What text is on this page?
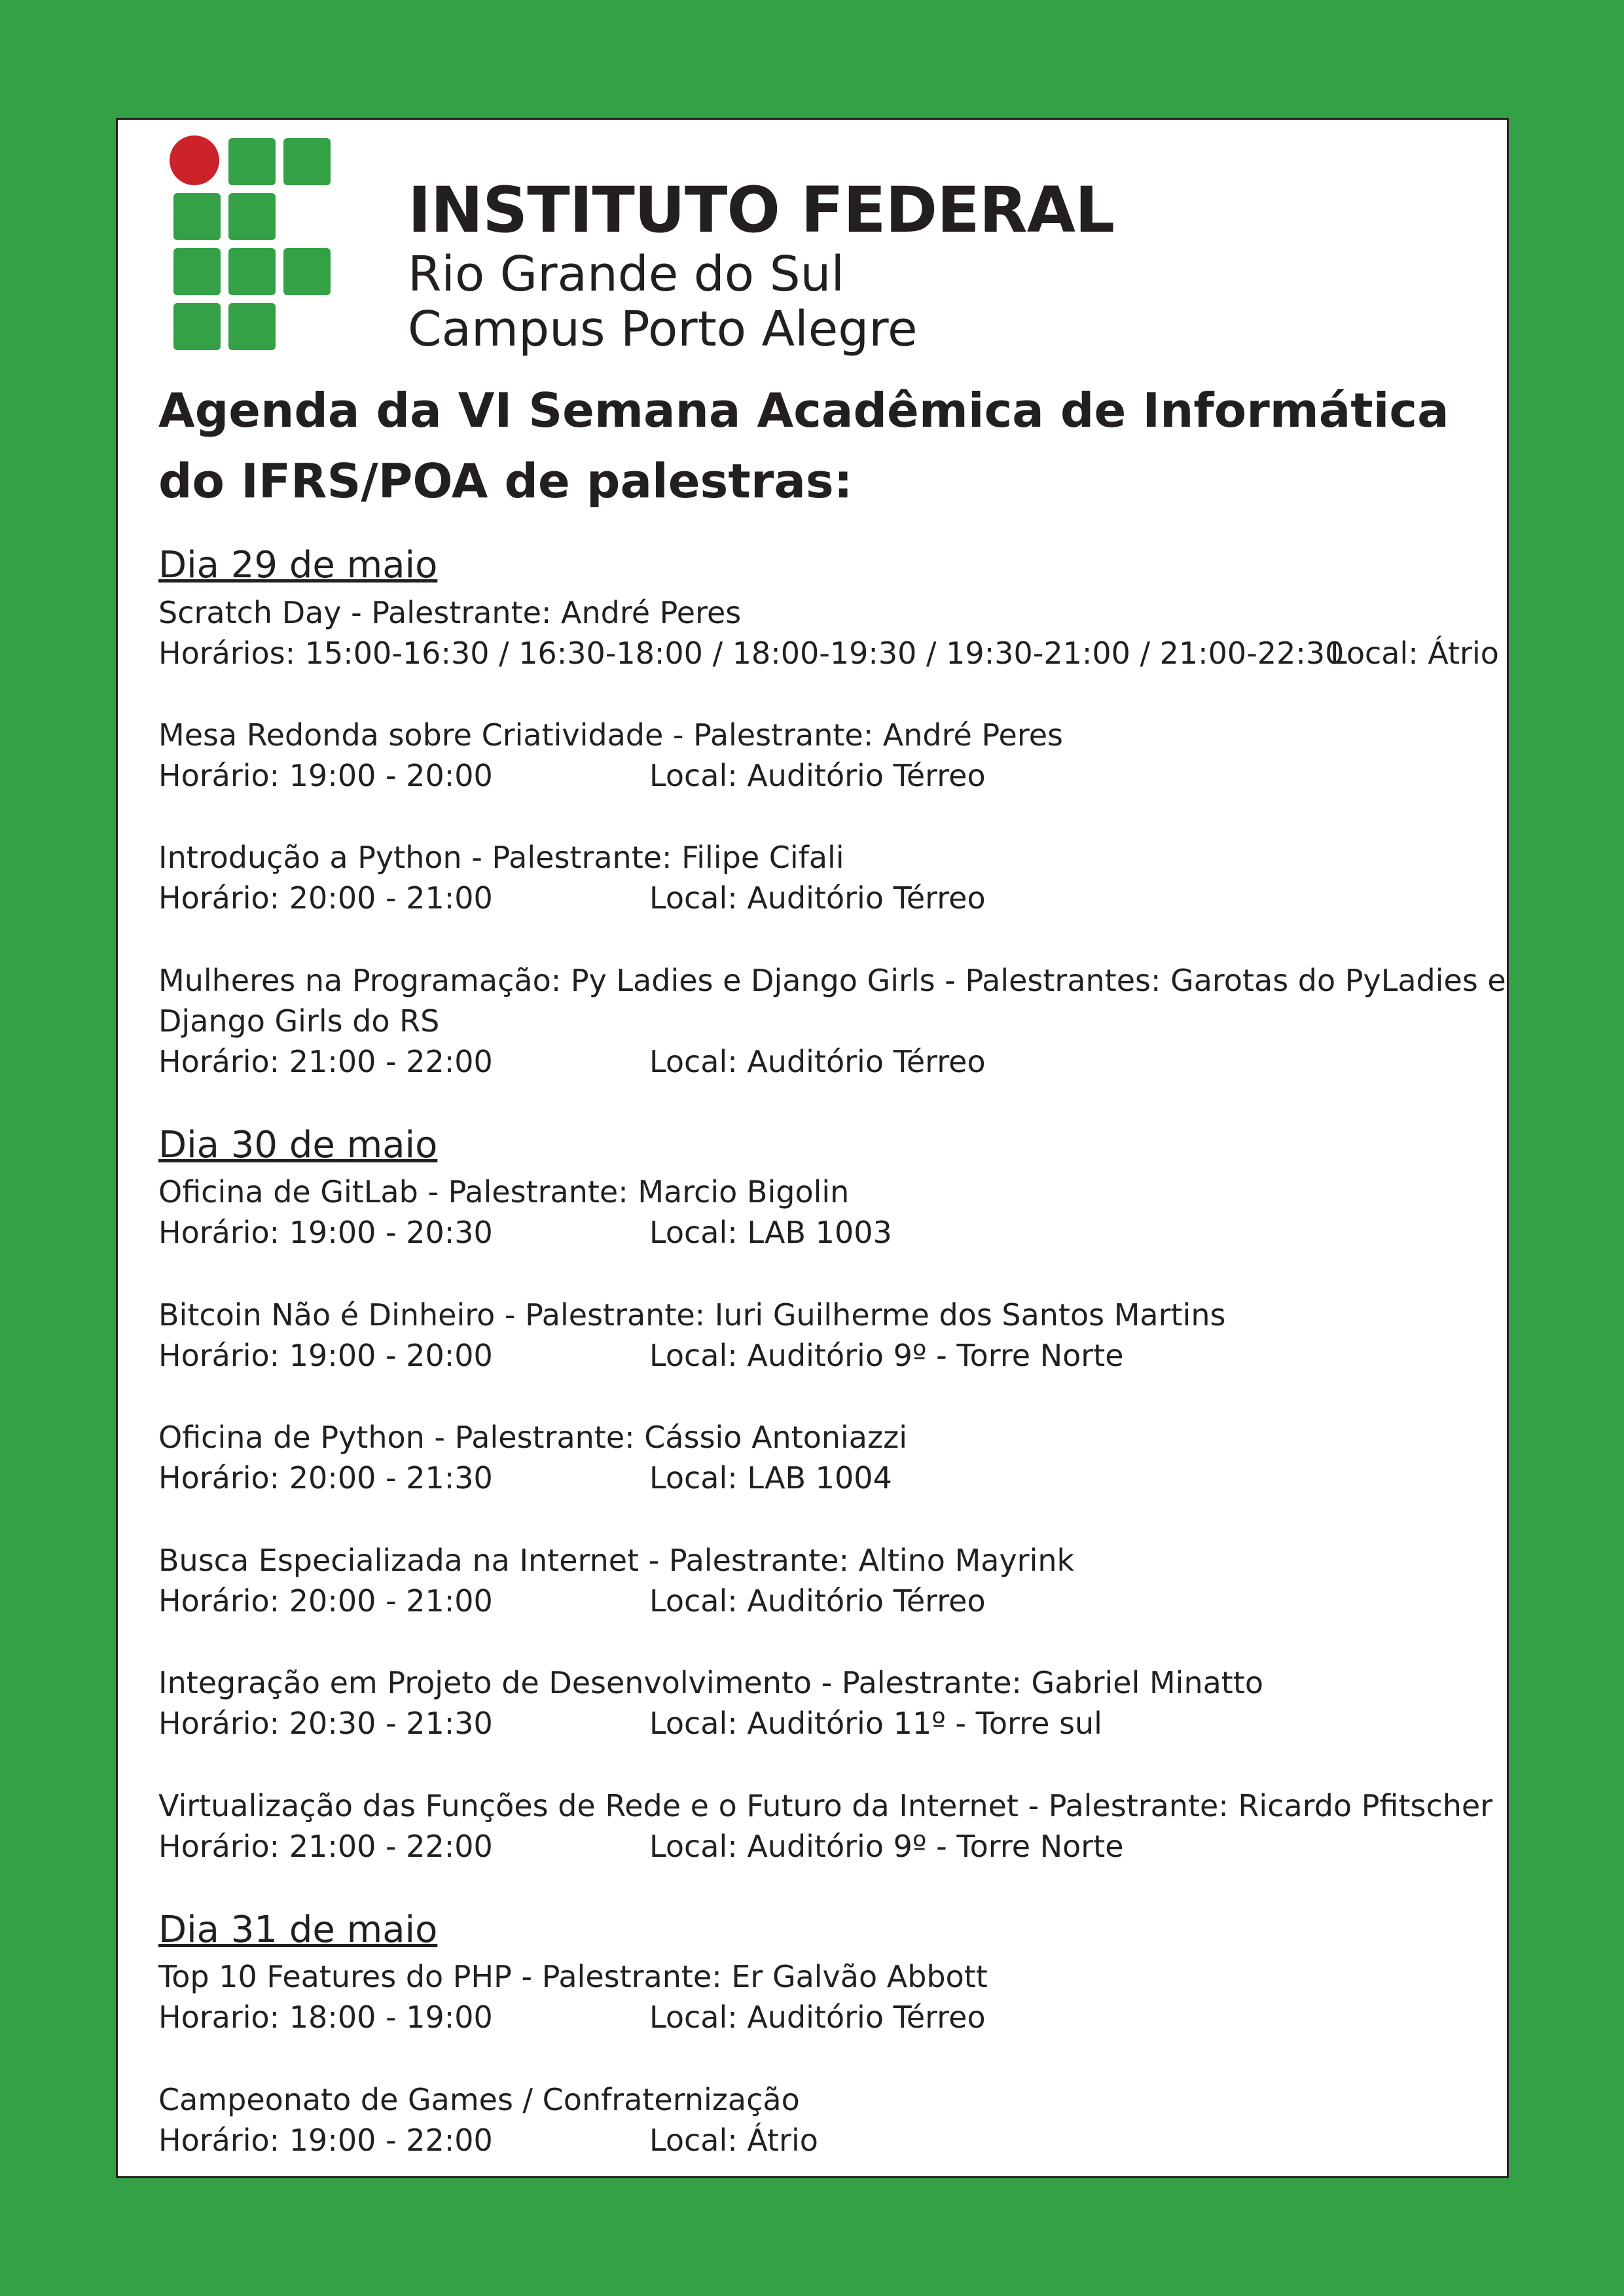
INSTITUTO FEDERAL
Rio Grande do Sul
Campus Porto Alegre
Agenda da VI Semana Acadêmica de Informática do IFRS/POA de palestras:
Dia 29 de maio
Scratch Day - Palestrante: André Peres
Horários: 15:00-16:30 / 16:30-18:00 / 18:00-19:30 / 19:30-21:00 / 21:00-22:30
Local: Átrio
Mesa Redonda sobre Criatividade - Palestrante: André Peres
Horário: 19:00 - 20:00	Local: Auditório Térreo
Introdução a Python - Palestrante: Filipe Cifali
Horário: 20:00 - 21:00	Local: Auditório Térreo
Mulheres na Programação: Py Ladies e Django Girls - Palestrantes: Garotas do PyLadies e
Django Girls do RS
Horário: 21:00 - 22:00	Local: Auditório Térreo
Dia 30 de maio
Oficina de GitLab - Palestrante: Marcio Bigolin
Horário: 19:00 - 20:30	Local: LAB 1003
Bitcoin Não é Dinheiro - Palestrante: Iuri Guilherme dos Santos Martins
Horário: 19:00 - 20:00	Local: Auditório 9º - Torre Norte
Oficina de Python - Palestrante: Cássio Antoniazzi
Horário: 20:00 - 21:30	Local: LAB 1004
Busca Especializada na Internet - Palestrante: Altino Mayrink
Horário: 20:00 - 21:00	Local: Auditório Térreo
Integração em Projeto de Desenvolvimento - Palestrante: Gabriel Minatto
Horário: 20:30 - 21:30	Local: Auditório 11º - Torre sul
Virtualização das Funções de Rede e o Futuro da Internet - Palestrante: Ricardo Pfitscher
Horário: 21:00 - 22:00	Local: Auditório 9º - Torre Norte
Dia 31 de maio
Top 10 Features do PHP - Palestrante: Er Galvão Abbott
Horario: 18:00 - 19:00	Local: Auditório Térreo
Campeonato de Games / Confraternização
Horário: 19:00 - 22:00	Local: Átrio
